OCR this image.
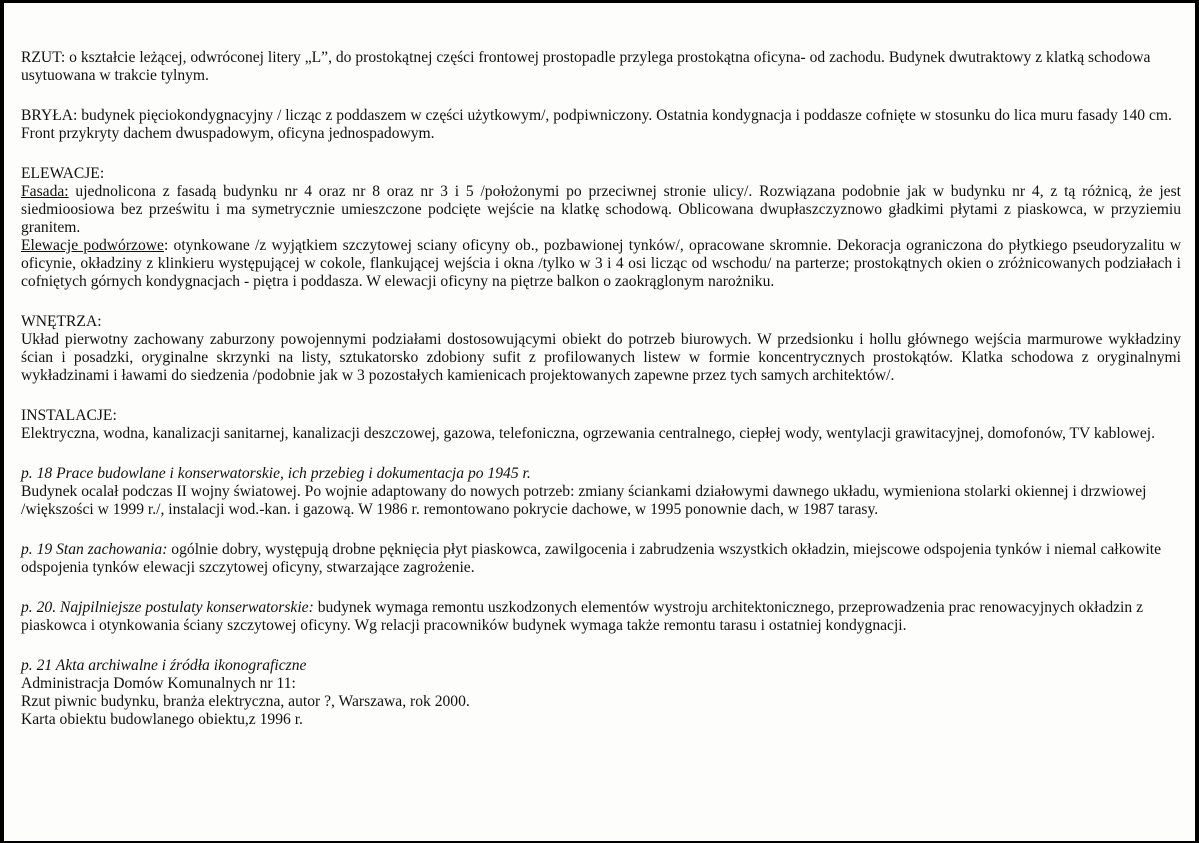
RZUT: o kształcie leżącej, odwróconej litery „L”, do prostokątnej części frontowej prostopadle przylega prostokątna oficyna- od zachodu. Budynek dwutraktowy z klatką schodowa usytuowana w trakcie tylnym.

BRYŁA: budynek pięciokondygnacyjny / licząc z poddaszem w części użytkowym/, podpiwniczony. Ostatnia kondygnacja i poddasze cofnięte w stosunku do lica muru fasady 140 cm. Front przykryty dachem dwuspadowym, oficyna jednospadowym.

ELEWACJE:

Fasada: ujednolicona z fasadą budynku nr 4 oraz nr 8 oraz nr 3 i 5 /położonymi po przeciwnej stronie ulicy/. Rozwiązana podobnie jak w budynku nr 4, z tą różnicą, że jest siedmioosiowa bez prześwitu i ma symetrycznie umieszczone podcięte wejście na klatkę schodową. Oblicowana dwupłaszczyznowo gładkimi płytami z piaskowca, w przyziemiu granitem.

Elewacje podwórzowe: otynkowane /z wyjątkiem szczytowej sciany oficyny ob., pozbawionej tynków/, opracowane skromnie. Dekoracja ograniczona do płytkiego pseudoryzalitu w oficynie, okładziny z klinkieru występującej w cokole, flankującej wejścia i okna /tylko w 3 i 4 osi licząc od wschodu/ na parterze; prostokątnych okien o zróżnicowanych podziałach i cofniętych górnych kondygnacjach - piętra i poddasza. W elewacji oficyny na piętrze balkon o zaokrąglonym narożniku.

WNĘTRZA:

Układ pierwotny zachowany zaburzony powojennymi podziałami dostosowującymi obiekt do potrzeb biurowych. W przedsionku i hollu głównego wejścia marmurowe wykładziny ścian i posadzki, oryginalne skrzynki na listy, sztukatorsko zdobiony sufit z profilowanych listew w formie koncentrycznych prostokątów. Klatka schodowa z oryginalnymi wykładzinami i ławami do siedzenia /podobnie jak w 3 pozostałych kamienicach projektowanych zapewne przez tych samych architektów/.

INSTALACJE:

Elektryczna, wodna, kanalizacji sanitarnej, kanalizacji deszczowej, gazowa, telefoniczna, ogrzewania centralnego, ciepłej wody, wentylacji grawitacyjnej, domofonów, TV kablowej.

p. 18 Prace budowlane i konserwatorskie, ich przebieg i dokumentacja po 1945 r.

Budynek ocalał podczas II wojny światowej. Po wojnie adaptowany do nowych potrzeb: zmiany ściankami działowymi dawnego układu, wymieniona stolarki okiennej i drzwiowej /większości w 1999 r./, instalacji wod.-kan. i gazową. W 1986 r. remontowano pokrycie dachowe, w 1995 ponownie dach, w 1987 tarasy.

p. 19 Stan zachowania: ogólnie dobry, występują drobne pęknięcia płyt piaskowca, zawilgocenia i zabrudzenia wszystkich okładzin, miejscowe odspojenia tynków i niemal całkowite odspojenia tynków elewacji szczytowej oficyny, stwarzające zagrożenie.

p. 20. Najpilniejsze postulaty konserwatorskie: budynek wymaga remontu uszkodzonych elementów wystroju architektonicznego, przeprowadzenia prac renowacyjnych okładzin z piaskowca i otynkowania ściany szczytowej oficyny. Wg relacji pracowników budynek wymaga także remontu tarasu i ostatniej kondygnacji.

p. 21 Akta archiwalne i źródła ikonograficzne

Administracja Domów Komunalnych nr 11:

Rzut piwnic budynku, branża elektryczna, autor ?, Warszawa, rok 2000.

Karta obiektu budowlanego obiektu,z 1996 r.
